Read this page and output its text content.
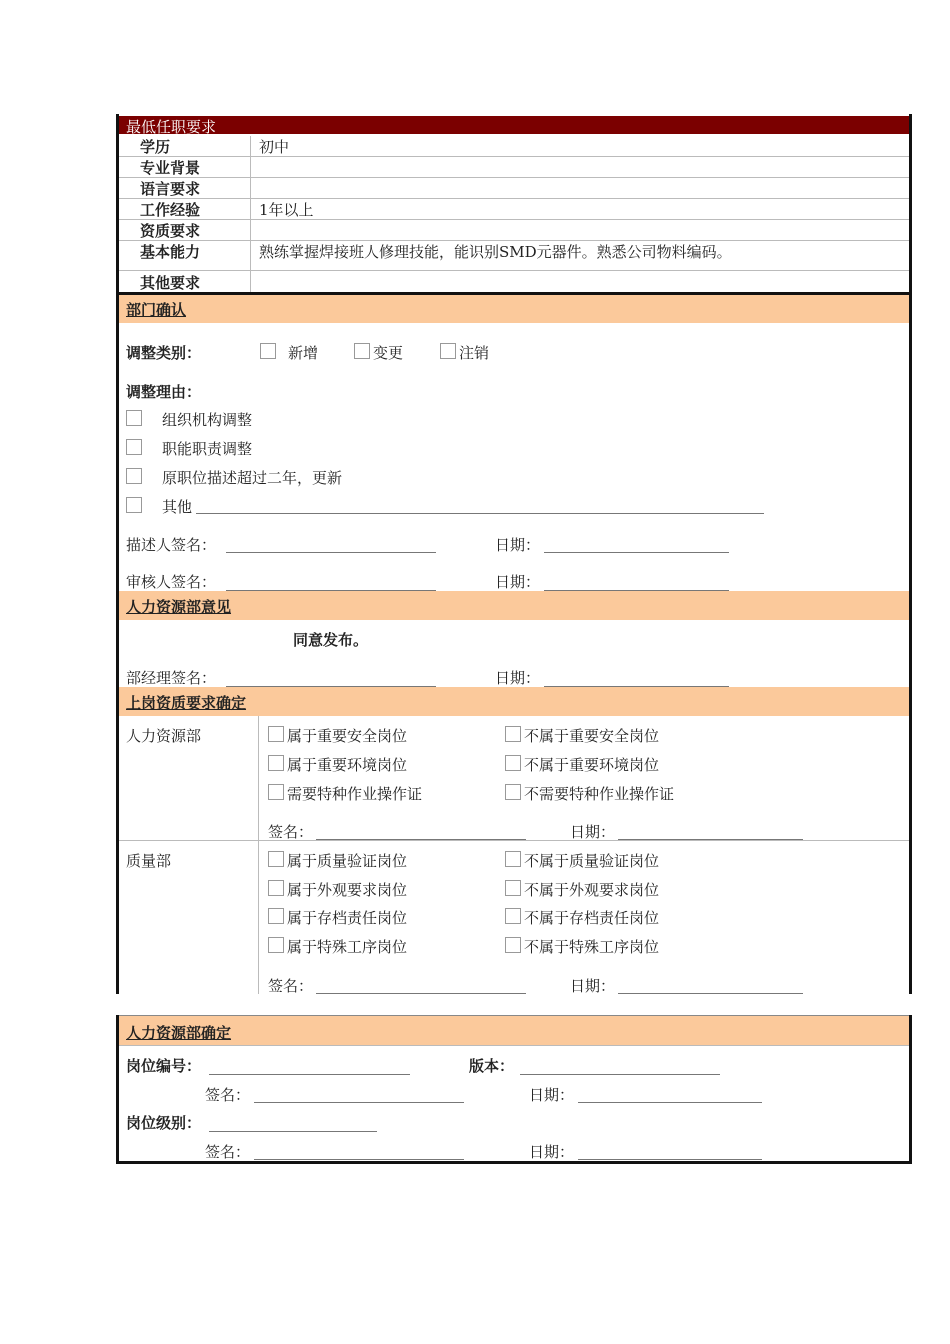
最低任职要求
学历	初中
专业背景
语言要求
工作经验	1年以上
资质要求
基本能力	熟练掌握焊接班人修理技能，能识别SMD元器件。熟悉公司物料编码。
其他要求
部门确认
调整类别：	新增	变更	注销
调整理由：
组织机构调整
职能职责调整
原职位描述超过二年，更新
其他
描述人签名：	日期：
审核人签名：	日期：
人力资源部意见
同意发布。
部经理签名：	日期：
上岗资质要求确定
人力资源部	属于重要安全岗位	不属于重要安全岗位
属于重要环境岗位	不属于重要环境岗位
需要特种作业操作证	不需要特种作业操作证
签名：	日期：
质量部	属于质量验证岗位	不属于质量验证岗位
属于外观要求岗位	不属于外观要求岗位
属于存档责任岗位	不属于存档责任岗位
属于特殊工序岗位	不属于特殊工序岗位
签名：	日期：
人力资源部确定
岗位编号：	版本：
签名：	日期：
岗位级别：
签名：	日期：
